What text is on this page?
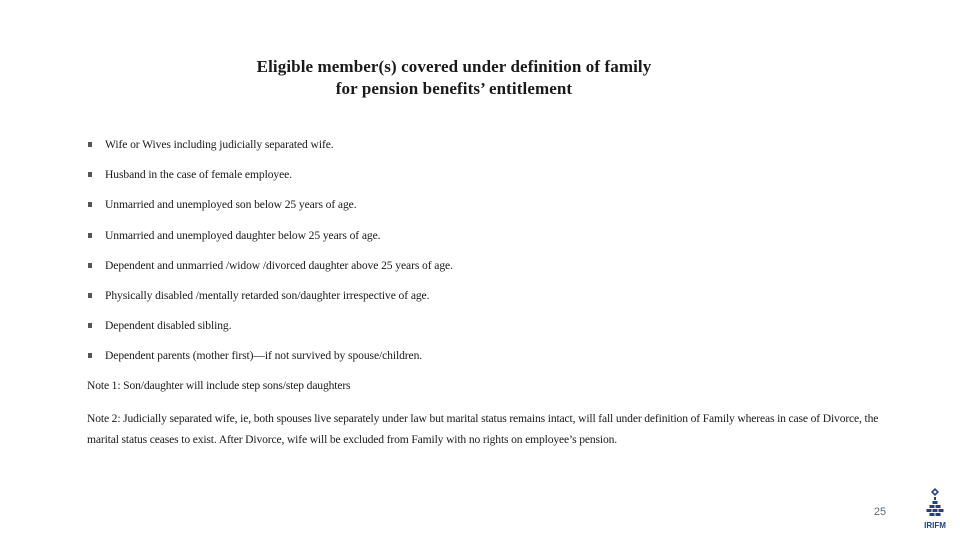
Eligible member(s) covered under definition of family
for pension benefits’ entitlement
Wife or Wives including judicially separated wife.
Husband in the case of female employee.
Unmarried and unemployed son below 25 years of age.
Unmarried and unemployed daughter below 25 years of age.
Dependent and unmarried /widow /divorced daughter above 25 years of age.
Physically disabled /mentally retarded son/daughter irrespective of age.
Dependent disabled sibling.
Dependent parents (mother first)—if not survived by spouse/children.
Note 1: Son/daughter will include step sons/step daughters
Note 2: Judicially separated wife, ie, both spouses live separately under law but marital status remains intact, will fall under definition of Family whereas in case of Divorce, the marital status ceases to exist. After Divorce, wife will be excluded from Family with no rights on employee’s pension.
25
IRIFM
